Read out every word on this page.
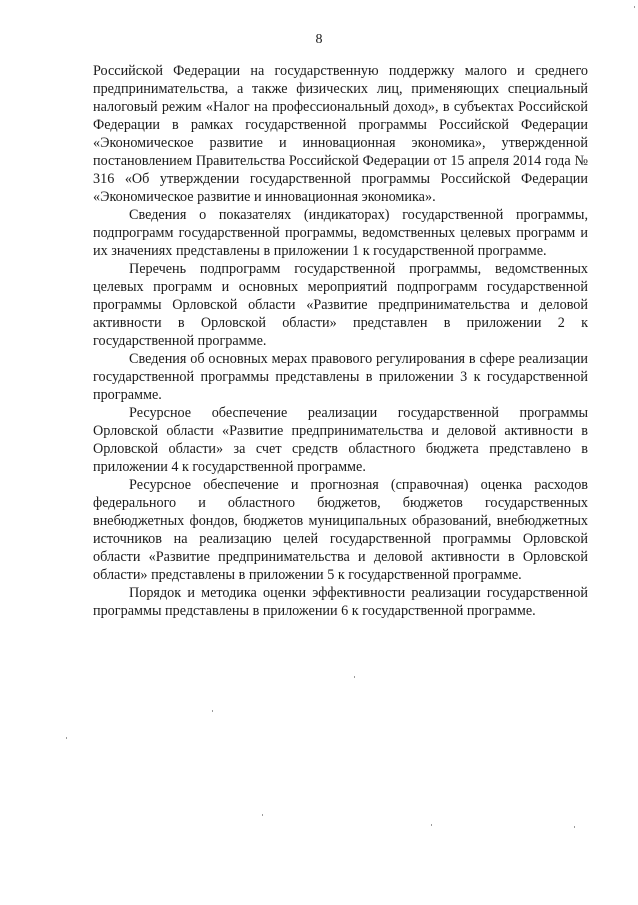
8

Российской Федерации на государственную поддержку малого и среднего предпринимательства, а также физических лиц, применяющих специальный налоговый режим «Налог на профессиональный доход», в субъектах Российской Федерации в рамках государственной программы Российской Федерации «Экономическое развитие и инновационная экономика», утвержденной постановлением Правительства Российской Федерации от 15 апреля 2014 года № 316 «Об утверждении государственной программы Российской Федерации «Экономическое развитие и инновационная экономика».

Сведения о показателях (индикаторах) государственной программы, подпрограмм государственной программы, ведомственных целевых программ и их значениях представлены в приложении 1 к государственной программе.

Перечень подпрограмм государственной программы, ведомственных целевых программ и основных мероприятий подпрограмм государственной программы Орловской области «Развитие предпринимательства и деловой активности в Орловской области» представлен в приложении 2 к государственной программе.

Сведения об основных мерах правового регулирования в сфере реализации государственной программы представлены в приложении 3 к государственной программе.

Ресурсное обеспечение реализации государственной программы Орловской области «Развитие предпринимательства и деловой активности в Орловской области» за счет средств областного бюджета представлено в приложении 4 к государственной программе.

Ресурсное обеспечение и прогнозная (справочная) оценка расходов федерального и областного бюджетов, бюджетов государственных внебюджетных фондов, бюджетов муниципальных образований, внебюджетных источников на реализацию целей государственной программы Орловской области «Развитие предпринимательства и деловой активности в Орловской области» представлены в приложении 5 к государственной программе.

Порядок и методика оценки эффективности реализации государственной программы представлены в приложении 6 к государственной программе.
